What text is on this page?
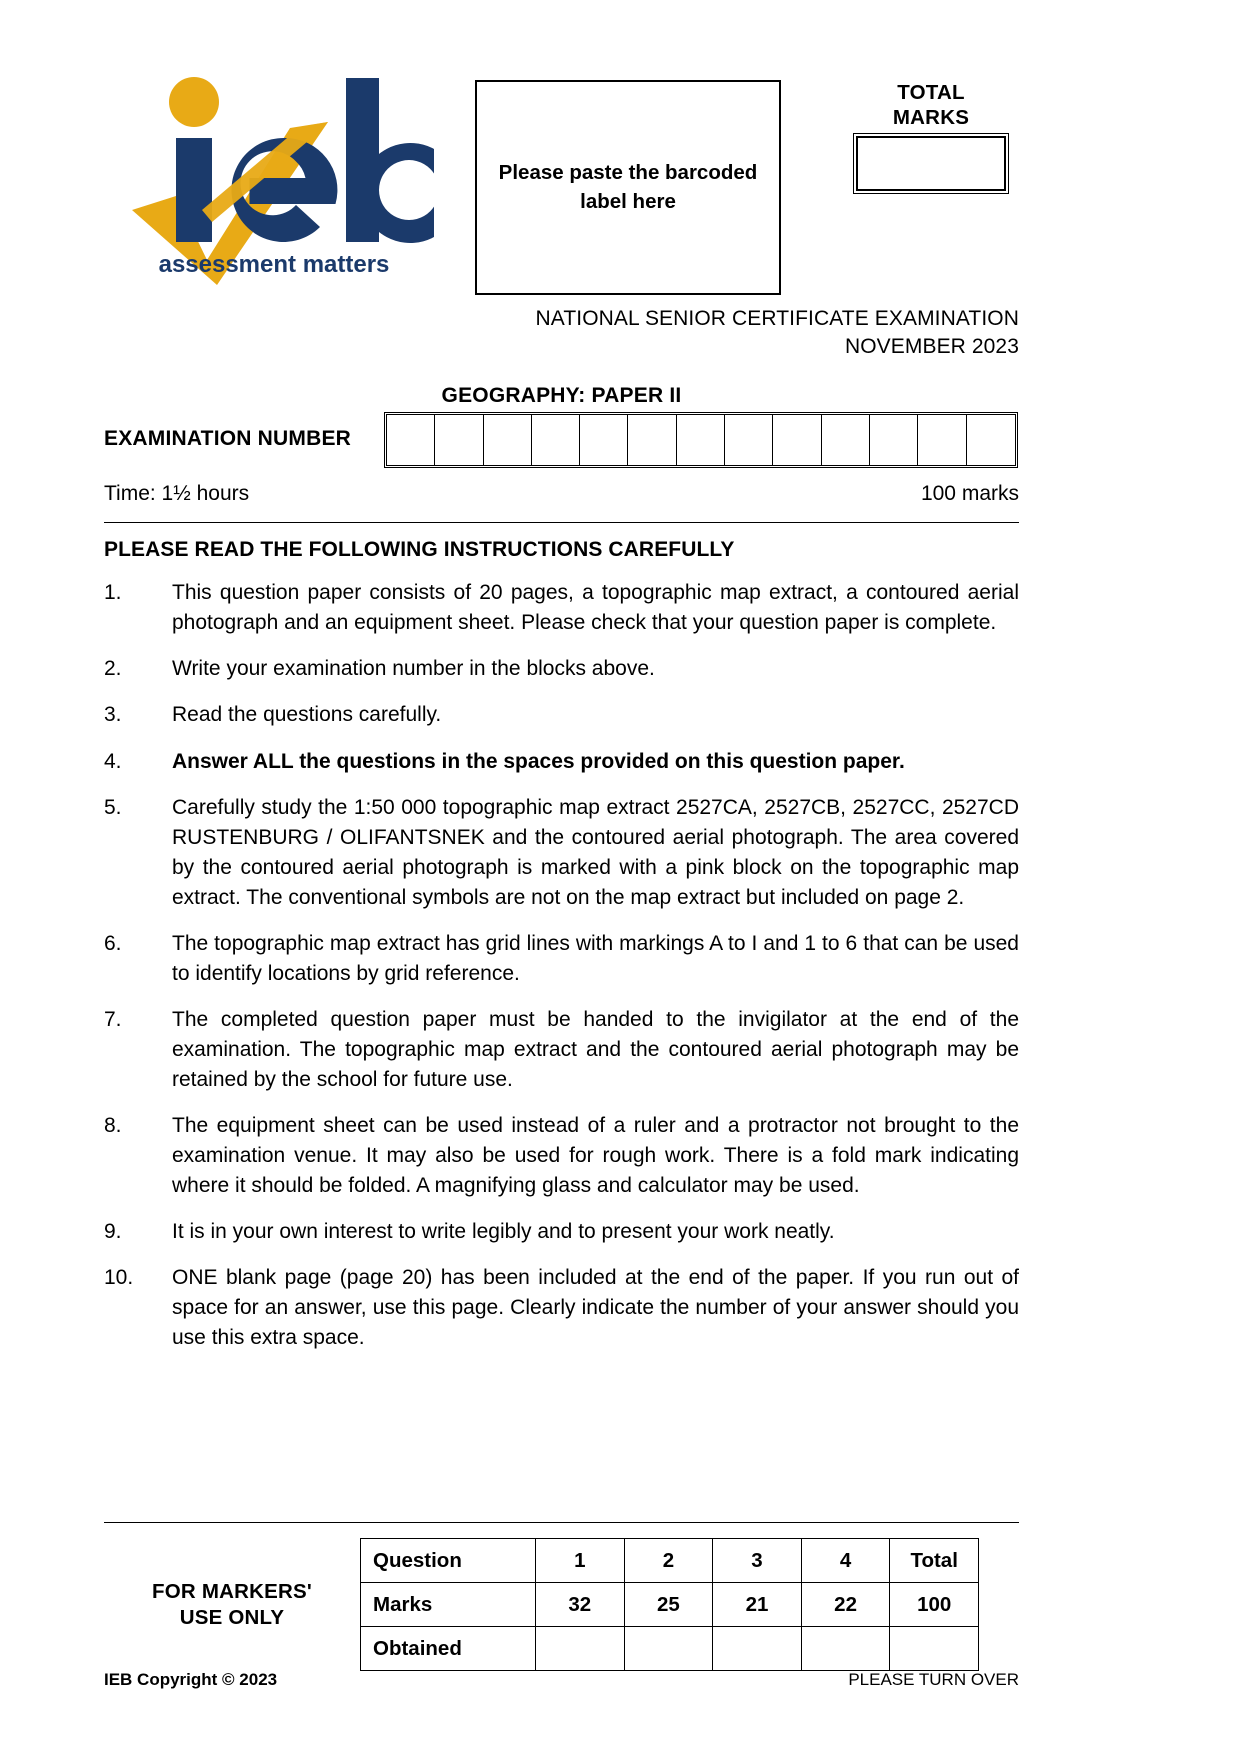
assessment matters
Please paste the barcoded label here
TOTAL
MARKS
NATIONAL SENIOR CERTIFICATE EXAMINATION
NOVEMBER 2023
GEOGRAPHY: PAPER II
EXAMINATION NUMBER
Time: 1½ hours	100 marks
PLEASE READ THE FOLLOWING INSTRUCTIONS CAREFULLY
1.	This question paper consists of 20 pages, a topographic map extract, a contoured aerial photograph and an equipment sheet. Please check that your question paper is complete.
2.	Write your examination number in the blocks above.
3.	Read the questions carefully.
4.	Answer ALL the questions in the spaces provided on this question paper.
5.	Carefully study the 1:50 000 topographic map extract 2527CA, 2527CB, 2527CC, 2527CD RUSTENBURG / OLIFANTSNEK and the contoured aerial photograph. The area covered by the contoured aerial photograph is marked with a pink block on the topographic map extract. The conventional symbols are not on the map extract but included on page 2.
6.	The topographic map extract has grid lines with markings A to I and 1 to 6 that can be used to identify locations by grid reference.
7.	The completed question paper must be handed to the invigilator at the end of the examination. The topographic map extract and the contoured aerial photograph may be retained by the school for future use.
8.	The equipment sheet can be used instead of a ruler and a protractor not brought to the examination venue. It may also be used for rough work. There is a fold mark indicating where it should be folded. A magnifying glass and calculator may be used.
9.	It is in your own interest to write legibly and to present your work neatly.
10.	ONE blank page (page 20) has been included at the end of the paper. If you run out of space for an answer, use this page. Clearly indicate the number of your answer should you use this extra space.
FOR MARKERS'
USE ONLY
Question	1	2	3	4	Total
Marks	32	25	21	22	100
Obtained					
IEB Copyright © 2023	PLEASE TURN OVER
